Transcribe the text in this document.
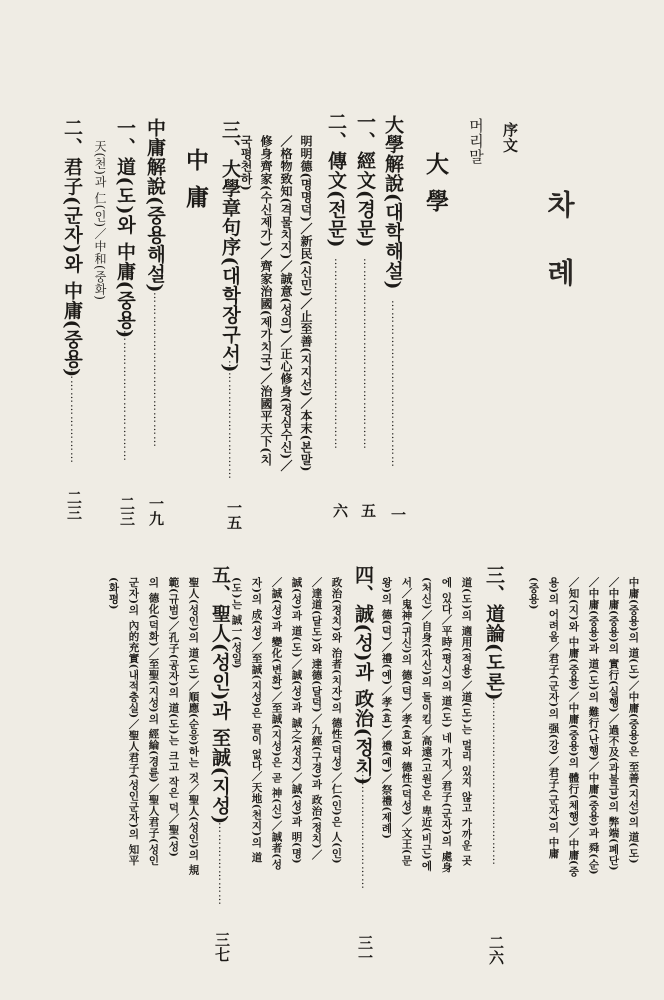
차
례
序文
머리말
大學
大學解說(대학해설)
……………………………………
一
一、經文(경문)
…………………………………………
五
二、傳文(전문)
…………………………………………
六
明明德(명명덕)／新民(신민)／止至善(지지선)／本末(본말)
／格物致知(격물치지)／誠意(성의)／正心修身(정심수신)／
修身齊家(수신제가)／齊家治國(제가치국)／治國平天下(치
국평천하)
三、大學章句序(대학장구서)
…………………………
一五
中庸
中庸解說(중용해설)
…………………………………
一九
一、道(도)와 中庸(중용)
……………………………
二三
天(천)과 仁(인)／中和(중화)
二、君子(군자)와 中庸(중용)
……………………
二三
中庸(중용)의 道(도)／中庸(중용)은 至善(지선)의 道(도)
／中庸(중용)의 實行(실행)／過不及(과불급)의 弊端(폐단)
／中庸(중용)과 道(도)의 難行(난행)／中庸(중용)과 舜(순)
／知(지)와 中庸(중용)／中庸(중용)의 體行(체행)／中庸(중
용)의 어려움／君子(군자)의 强(강)／君子(군자)의 中庸
(중용)
三、道論(도론)
……………………………………
二六
道(도)의 適用(적용)／道(도)는 멀리 있지 않고 가까운 곳
에 있다／平時(평시)의 道(도) 네 가지／君子(군자)의 處身
(처신)／自身(자신)의 돌이킴／高遠(고원)은 卑近(비근)에
서／鬼神(귀신)의 德(덕)／孝(효)와 德性(덕성)／文王(문
왕)의 德(덕)／禮(예)／孝(효)／禮(예)／祭禮(제례)
四、誠(성)과 政治(정치)
…………………………
三一
政治(정치)와 治者(치자)의 德性(덕성)／仁(인)은 人(인)
／達道(달도)와 達德(달덕)／九經(구경)과 政治(정치)／
誠(성)과 道(도)／誠(성)과 誠之(성지)／誠(성)과 明(명)
／誠(성)과 變化(변화)／至誠(지성)은 곧 神(신)／誠者(성
자)의 成(성)／至誠(지성)은 끝이 없다／天地(천지)의 道
(도)는 誠一(성일)
五、聖人(성인)과 至誠(지성)
…………………
三七
聖人(성인)의 道(도)／順應(순응)하는 것／聖人(성인)의 規
範(규범)／孔子(공자)의 道(도)는 크고 작은 덕／聖(성)
의 德化(덕화)／至聖(지성)의 經綸(경륜)／聖人君子(성인
군자)의 內的充實(내적충실)／聖人君子(성인군자)의 知平
(화평)
